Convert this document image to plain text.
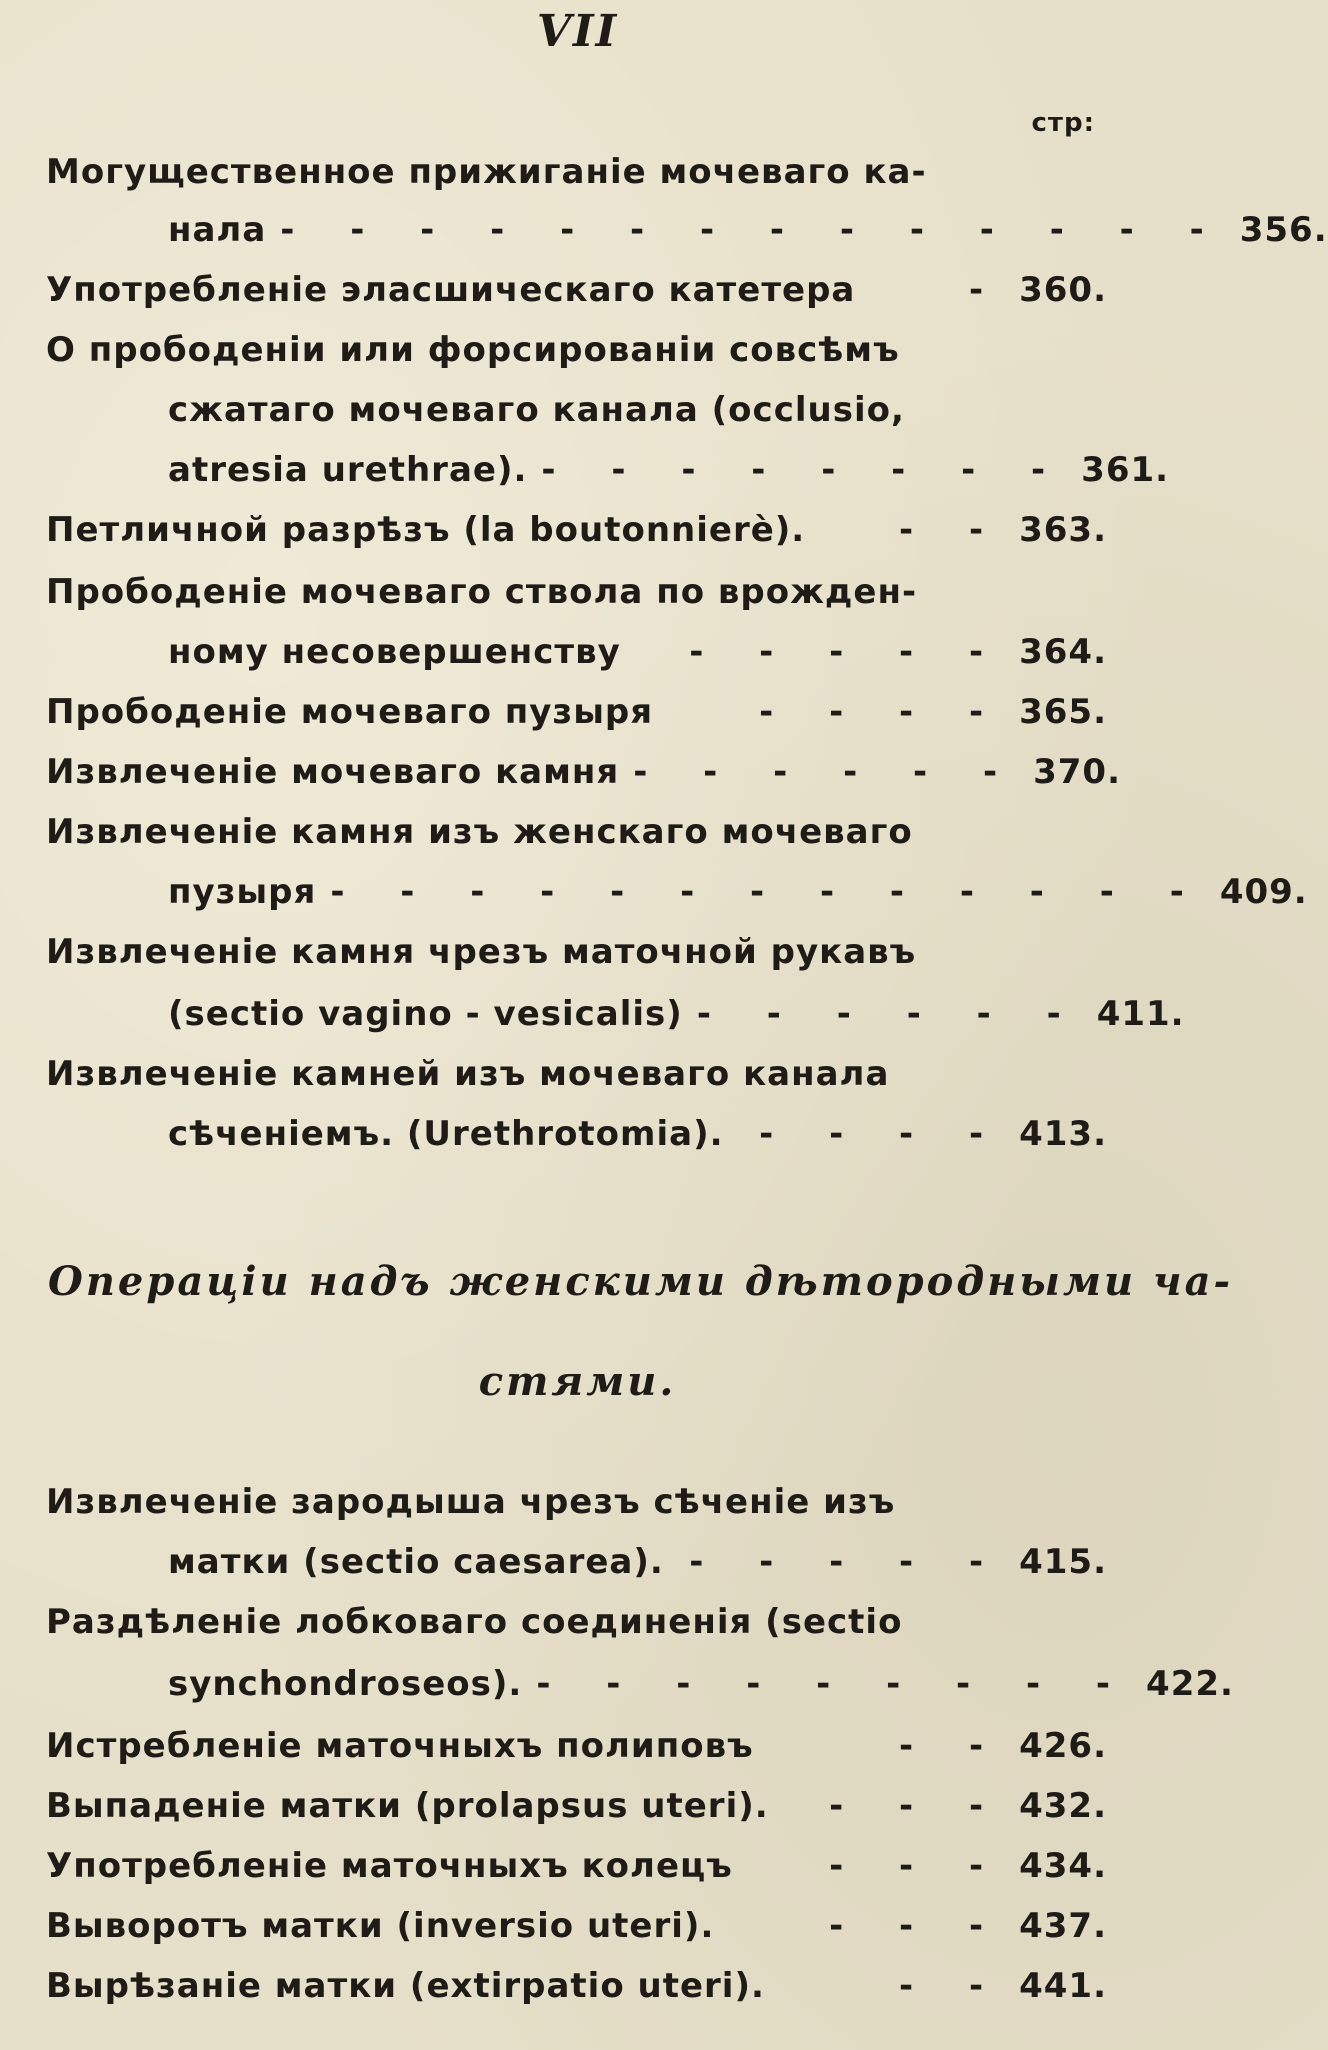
VII
стр:
Могущественное прижиганіе мочеваго ка-
нала - - - - - - - - - - - - - - 356.
Употребленіе эласшическаго катетера	- 360.
О прободеніи или форсированіи совсѣмъ
сжатаго мочеваго канала (occlusio,
atresia urethrae). - - - - - - - - 361.
Петличной разрѣзъ (la boutonnierè).	- - 363.
Прободеніе мочеваго ствола по врожден-
ному несовершенству	- - - - - 364.
Прободеніе мочеваго пузыря	- - - - 365.
Извлеченіе мочеваго камня - - - - - - 370.
Извлеченіе камня изъ женскаго мочеваго
пузыря - - - - - - - - - - - - - 409.
Извлеченіе камня чрезъ маточной рукавъ
(sectio vagino - vesicalis) - - - - - - 411.
Извлеченіе камней изъ мочеваго канала
сѣченіемъ. (Urethrotomia).	- - - - 413.
Операціи надъ женскими дѣтородными ча-
стями.
Извлеченіе зародыша чрезъ сѣченіе изъ
матки (sectio caesarea). - - - - - 415.
Раздѣленіе лобковаго соединенія (sectio
synchondroseos). - - - - - - - - - 422.
Истребленіе маточныхъ полиповъ	- - 426.
Выпаденіе матки (prolapsus uteri).	- - - 432.
Употребленіе маточныхъ колецъ	- - - 434.
Выворотъ матки (inversio uteri).	- - - 437.
Вырѣзаніе матки (extirpatio uteri).	- - 441.
